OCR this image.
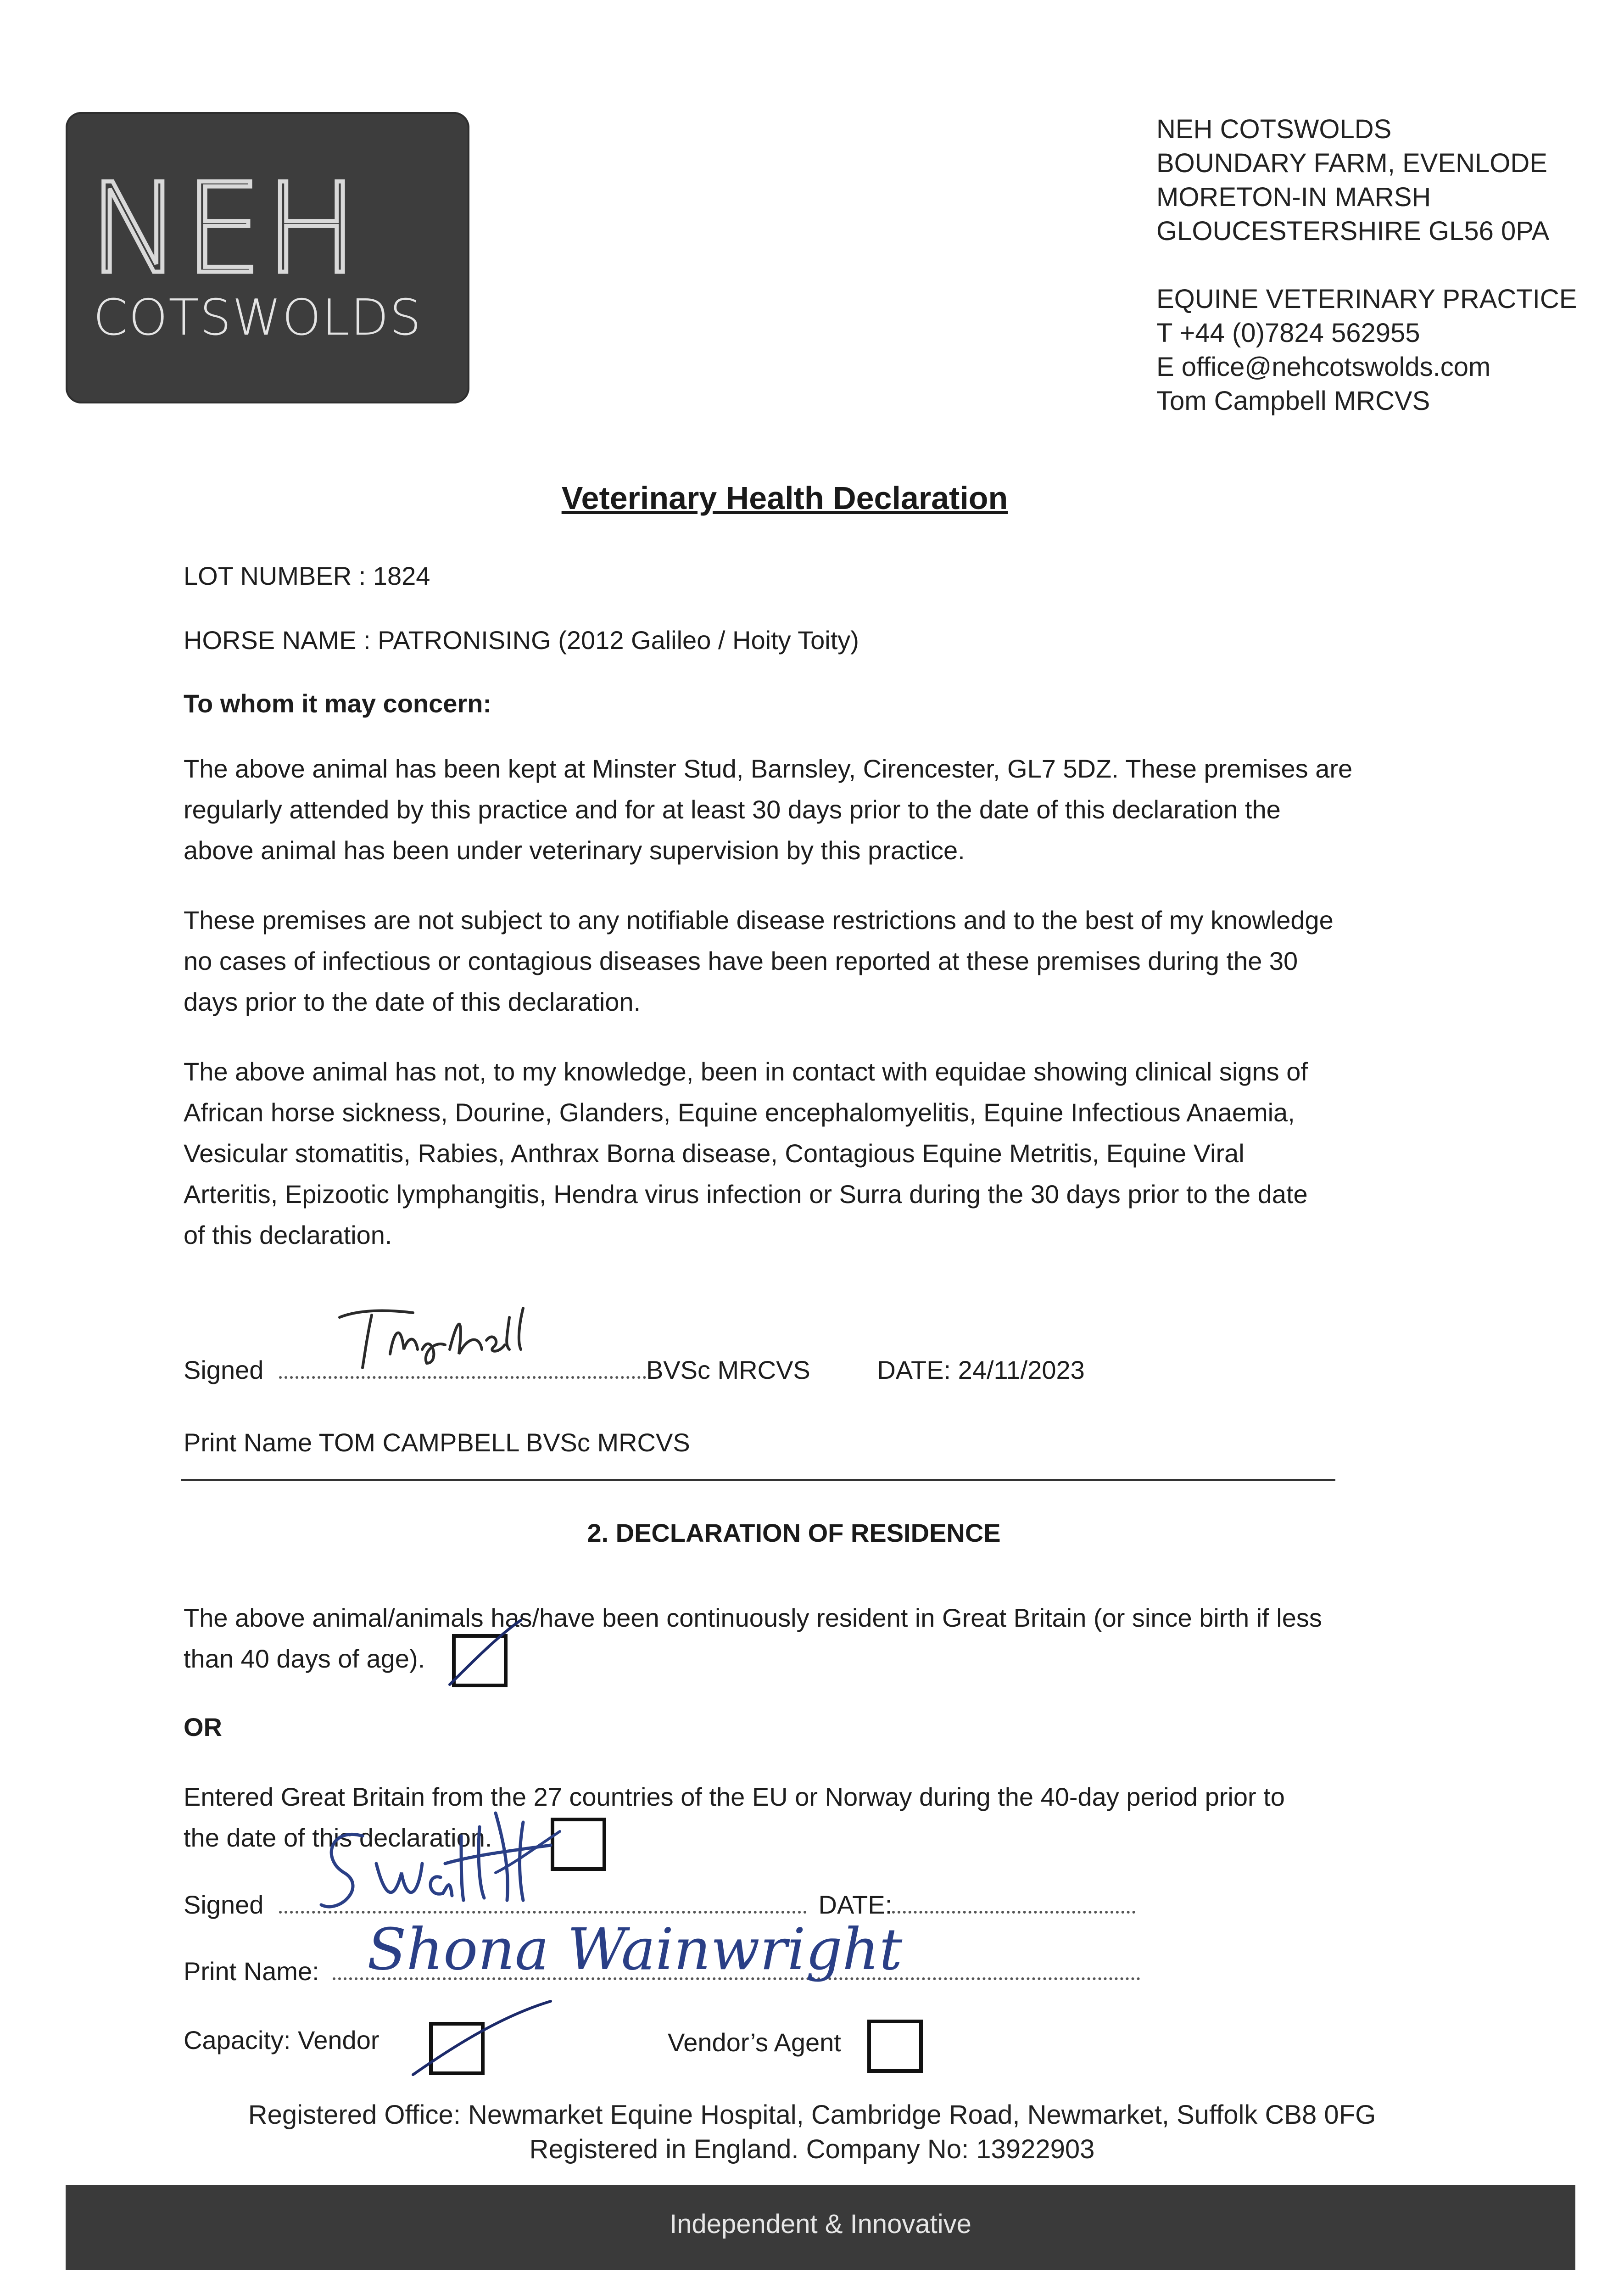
NEH
COTSWOLDS
NEH COTSWOLDS
BOUNDARY FARM, EVENLODE
MORETON-IN MARSH
GLOUCESTERSHIRE GL56 0PA
EQUINE VETERINARY PRACTICE
T +44 (0)7824 562955
E office@nehcotswolds.com
Tom Campbell MRCVS
Veterinary Health Declaration
LOT NUMBER : 1824
HORSE NAME : PATRONISING (2012 Galileo / Hoity Toity)
To whom it may concern:
The above animal has been kept at Minster Stud, Barnsley, Cirencester, GL7 5DZ. These premises are
regularly attended by this practice and for at least 30 days prior to the date of this declaration the
above animal has been under veterinary supervision by this practice.
These premises are not subject to any notifiable disease restrictions and to the best of my knowledge
no cases of infectious or contagious diseases have been reported at these premises during the 30
days prior to the date of this declaration.
The above animal has not, to my knowledge, been in contact with equidae showing clinical signs of
African horse sickness, Dourine, Glanders, Equine encephalomyelitis, Equine Infectious Anaemia,
Vesicular stomatitis, Rabies, Anthrax Borna disease, Contagious Equine Metritis, Equine Viral
Arteritis, Epizootic lymphangitis, Hendra virus infection or Surra during the 30 days prior to the date
of this declaration.
Signed	BVSc MRCVS	DATE: 24/11/2023
Print Name TOM CAMPBELL BVSc MRCVS
2. DECLARATION OF RESIDENCE
The above animal/animals has/have been continuously resident in Great Britain (or since birth if less
than 40 days of age).
OR
Entered Great Britain from the 27 countries of the EU or Norway during the 40-day period prior to
the date of this declaration.
Signed	DATE:
Print Name: Shona Wainwright
Capacity: Vendor	Vendor’s Agent
Registered Office: Newmarket Equine Hospital, Cambridge Road, Newmarket, Suffolk CB8 0FG
Registered in England. Company No: 13922903
Independent & Innovative
